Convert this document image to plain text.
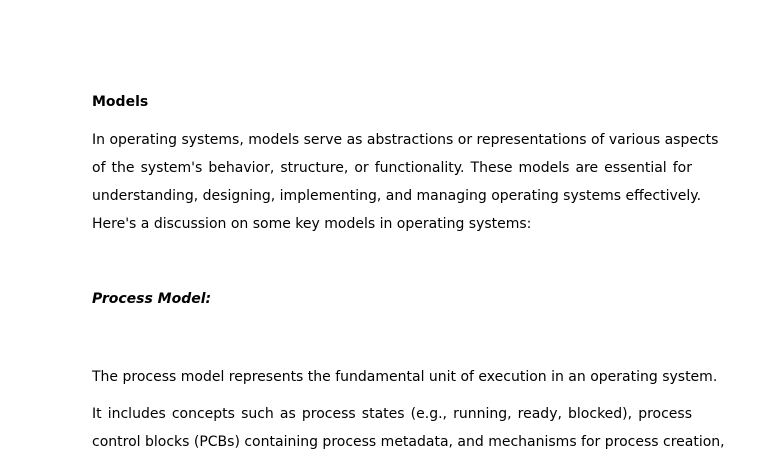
Models
In operating systems, models serve as abstractions or representations of various aspects
of the system's behavior, structure, or functionality. These models are essential for
understanding, designing, implementing, and managing operating systems effectively.
Here's a discussion on some key models in operating systems:
Process Model:

The process model represents the fundamental unit of execution in an operating system.

It includes concepts such as process states (e.g., running, ready, blocked), process
control blocks (PCBs) containing process metadata, and mechanisms for process creation,
